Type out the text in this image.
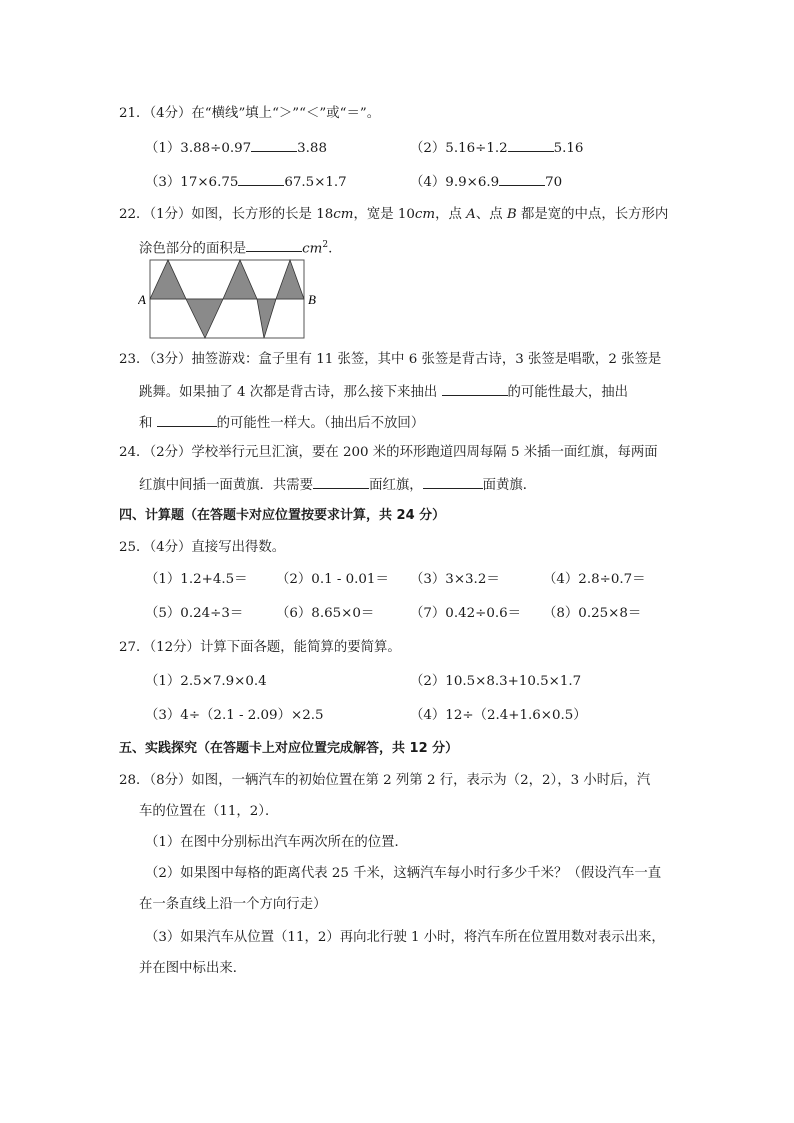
21．（4分）在“横线”填上“＞”“＜”或“＝”。
（1）3.88÷0.97	3.88	（2）5.16÷1.2	5.16
（3）17×6.75	67.5×1.7	（4）9.9×6.9	70
22．（1分）如图，长方形的长是 18cm，宽是 10cm，点 A、点 B 都是宽的中点，长方形内
涂色部分的面积是	$cm^2$.
A	B
23．（3分）抽签游戏：盒子里有 11 张签，其中 6 张签是背古诗，3 张签是唱歌，2 张签是
跳舞。如果抽了 4 次都是背古诗，那么接下来抽出	的可能性最大，抽出
和	的可能性一样大。（抽出后不放回）
24．（2分）学校举行元旦汇演，要在 200 米的环形跑道四周每隔 5 米插一面红旗，每两面
红旗中间插一面黄旗．共需要	面红旗，	面黄旗．
四、计算题（在答题卡对应位置按要求计算，共 24 分）
25．（4分）直接写出得数。
（1）1.2+4.5＝ （2）0.1 - 0.01＝ （3）3×3.2＝	（4）2.8÷0.7＝
（5）0.24÷3＝ （6）8.65×0＝	（7）0.42÷0.6＝ （8）0.25×8＝
27．（12分）计算下面各题，能简算的要简算。
（1）2.5×7.9×0.4	（2）10.5×8.3+10.5×1.7
（3）4÷（2.1 - 2.09）×2.5	（4）12÷（2.4+1.6×0.5）
五、实践探究（在答题卡上对应位置完成解答，共 12 分）
28．（8分）如图，一辆汽车的初始位置在第 2 列第 2 行，表示为（2，2），3 小时后，汽
车的位置在（11，2）．
（1）在图中分别标出汽车两次所在的位置．
（2）如果图中每格的距离代表 25 千米，这辆汽车每小时行多少千米？（假设汽车一直
在一条直线上沿一个方向行走）
（3）如果汽车从位置（11，2）再向北行驶 1 小时，将汽车所在位置用数对表示出来，
并在图中标出来．
